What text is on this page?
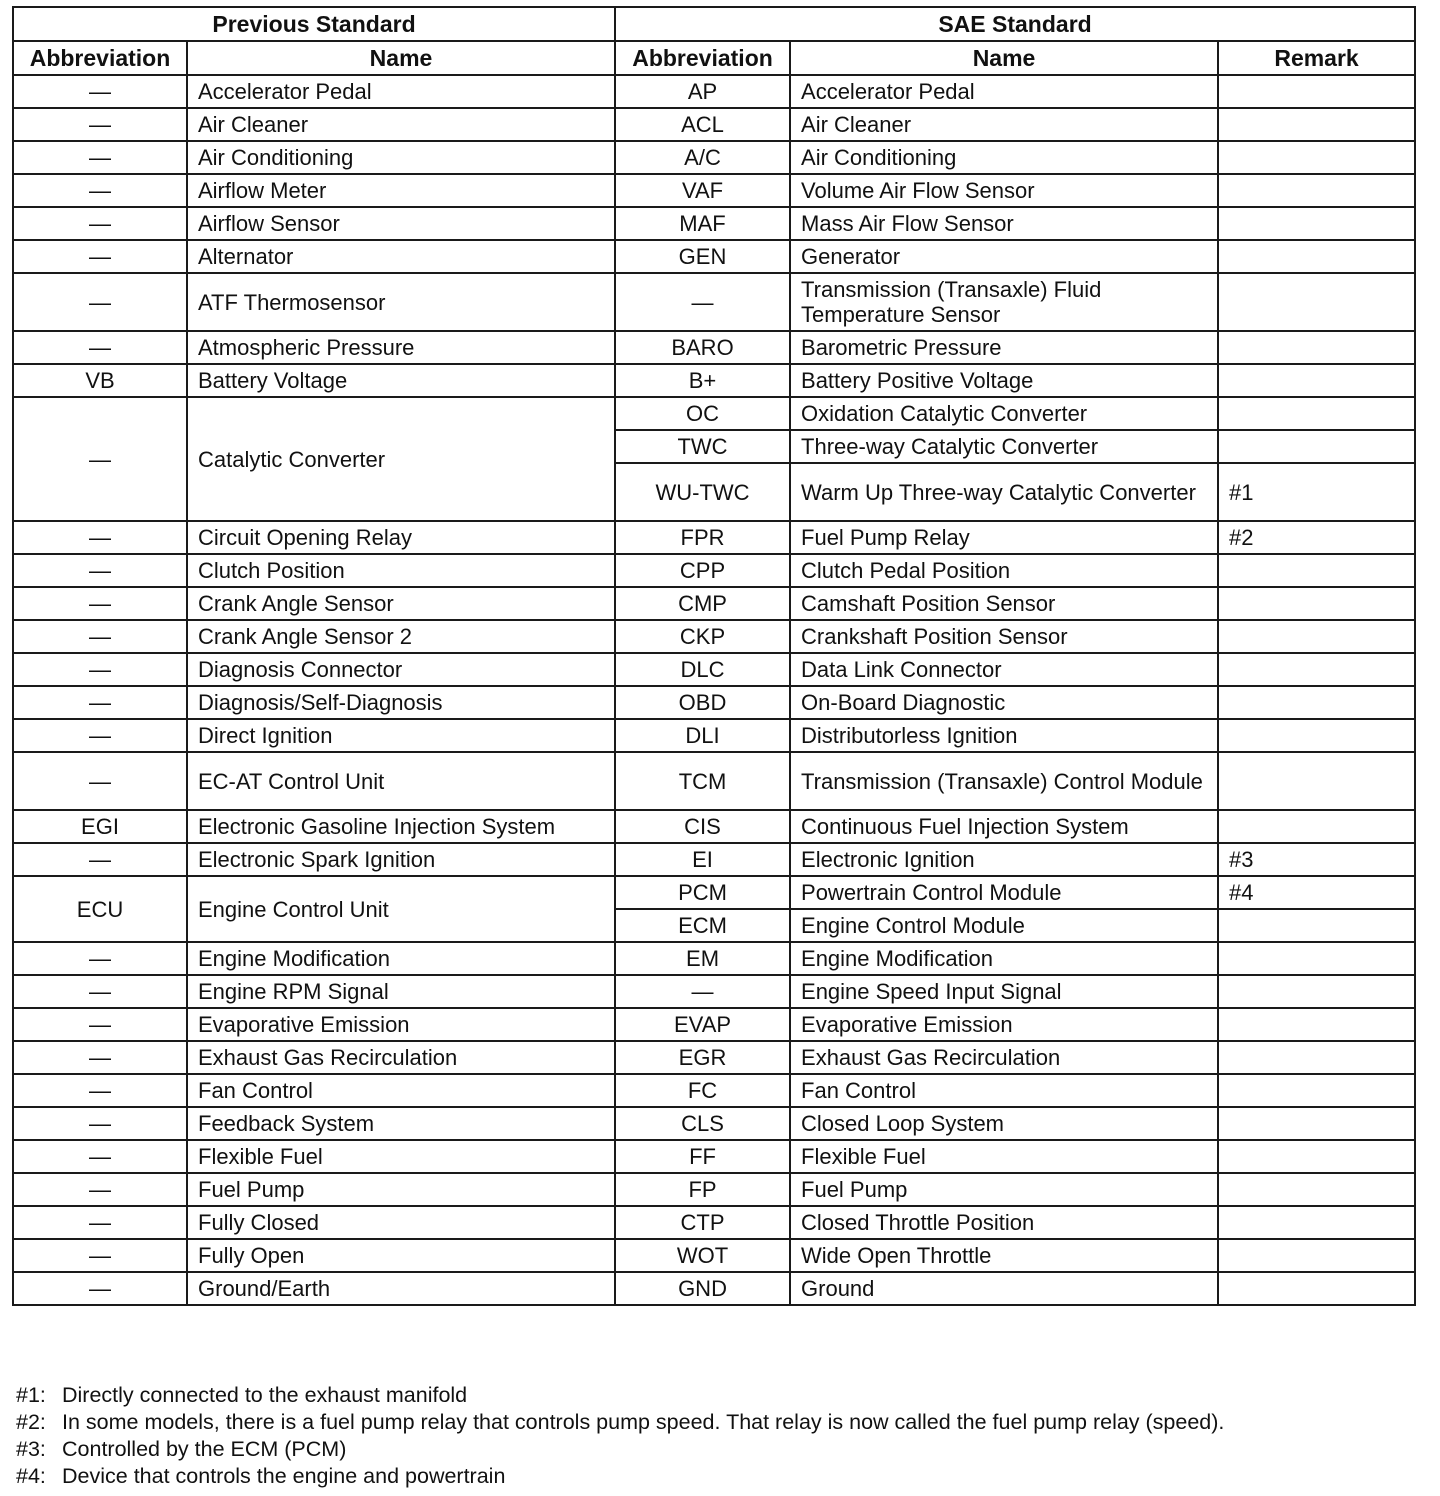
Previous Standard		SAE Standard		
Abbreviation	Name	Abbreviation	Name	Remark
—	Accelerator Pedal	AP	Accelerator Pedal	
—	Air Cleaner	ACL	Air Cleaner	
—	Air Conditioning	A/C	Air Conditioning	
—	Airflow Meter	VAF	Volume Air Flow Sensor	
—	Airflow Sensor	MAF	Mass Air Flow Sensor	
—	Alternator	GEN	Generator	
—	ATF Thermosensor	—	Transmission (Transaxle) Fluid Temperature Sensor	
—	Atmospheric Pressure	BARO	Barometric Pressure	
VB	Battery Voltage	B+	Battery Positive Voltage	
—	Catalytic Converter	OC	Oxidation Catalytic Converter	
		TWC	Three-way Catalytic Converter	
		WU-TWC	Warm Up Three-way Catalytic Converter	#1
—	Circuit Opening Relay	FPR	Fuel Pump Relay	#2
—	Clutch Position	CPP	Clutch Pedal Position	
—	Crank Angle Sensor	CMP	Camshaft Position Sensor	
—	Crank Angle Sensor 2	CKP	Crankshaft Position Sensor	
—	Diagnosis Connector	DLC	Data Link Connector	
—	Diagnosis/Self-Diagnosis	OBD	On-Board Diagnostic	
—	Direct Ignition	DLI	Distributorless Ignition	
—	EC-AT Control Unit	TCM	Transmission (Transaxle) Control Module	
EGI	Electronic Gasoline Injection System	CIS	Continuous Fuel Injection System	
—	Electronic Spark Ignition	EI	Electronic Ignition	#3
ECU	Engine Control Unit	PCM	Powertrain Control Module	#4
		ECM	Engine Control Module	
—	Engine Modification	EM	Engine Modification	
—	Engine RPM Signal	—	Engine Speed Input Signal	
—	Evaporative Emission	EVAP	Evaporative Emission	
—	Exhaust Gas Recirculation	EGR	Exhaust Gas Recirculation	
—	Fan Control	FC	Fan Control	
—	Feedback System	CLS	Closed Loop System	
—	Flexible Fuel	FF	Flexible Fuel	
—	Fuel Pump	FP	Fuel Pump	
—	Fully Closed	CTP	Closed Throttle Position	
—	Fully Open	WOT	Wide Open Throttle	
—	Ground/Earth	GND	Ground	
#1: Directly connected to the exhaust manifold
#2: In some models, there is a fuel pump relay that controls pump speed. That relay is now called the fuel pump relay (speed).
#3: Controlled by the ECM (PCM)
#4: Device that controls the engine and powertrain
